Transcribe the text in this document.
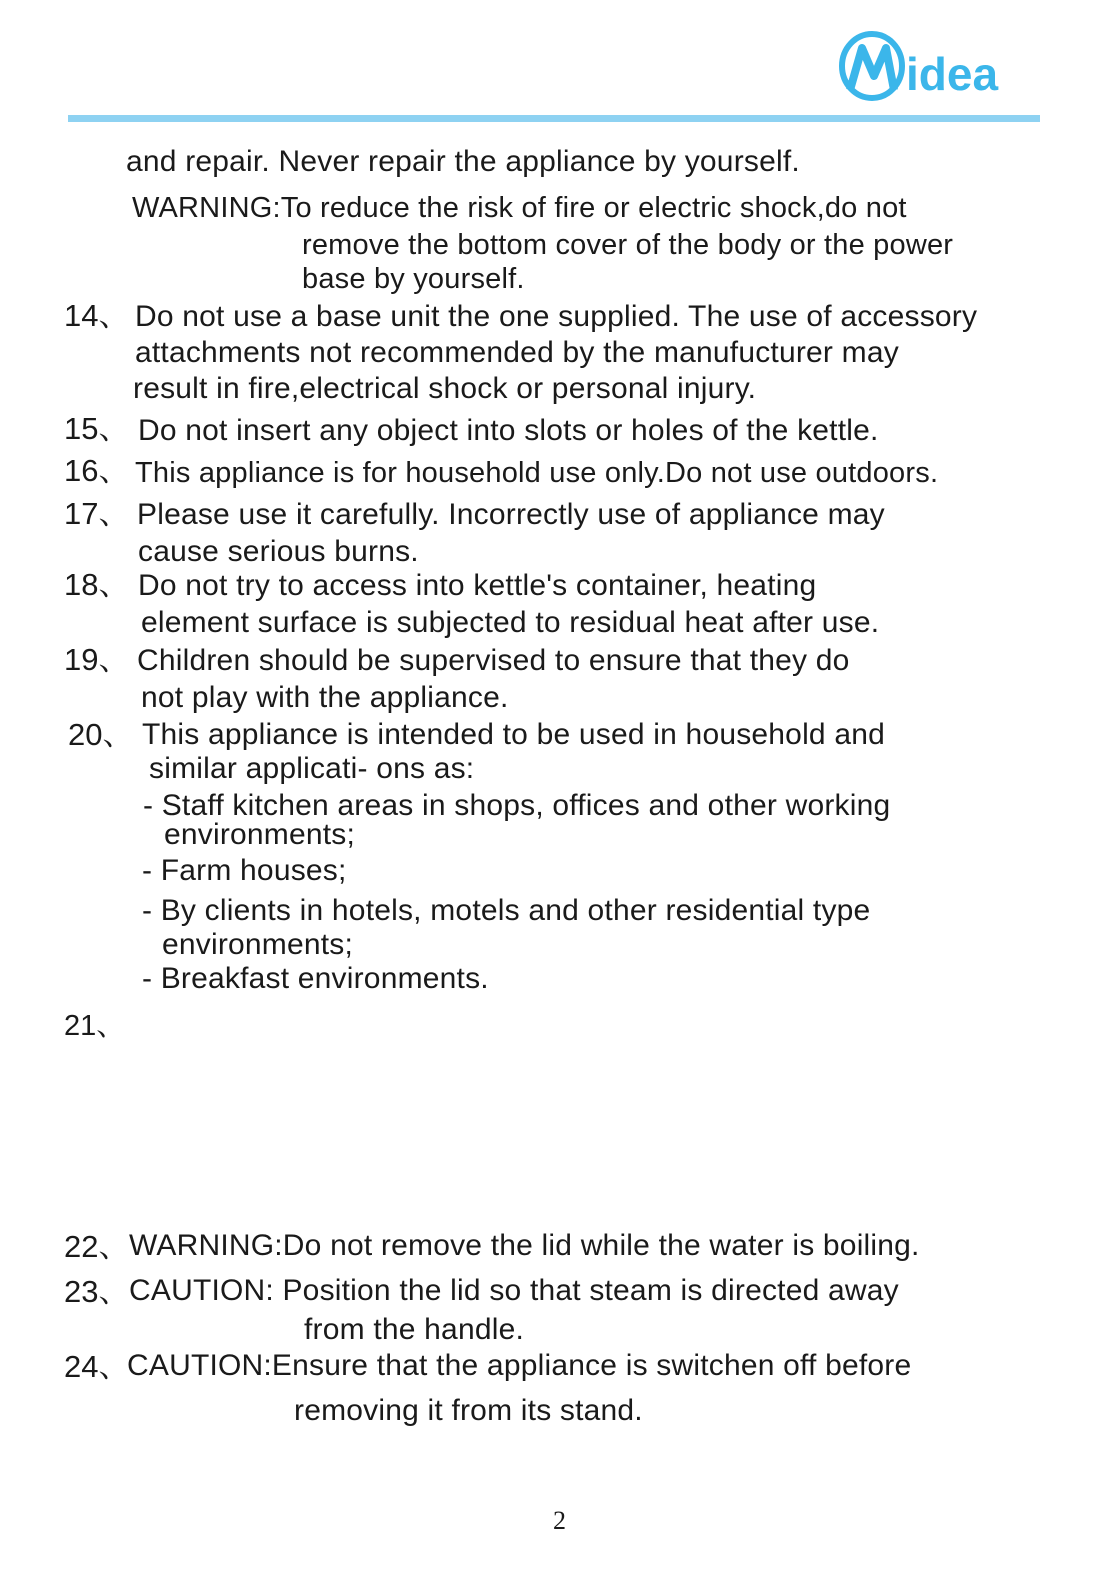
idea
Midea
and repair. Never repair the appliance by yourself.
WARNING:To reduce the risk of fire or electric shock,do not
remove the bottom cover of the body or the power
base by yourself.
14、 Do not use a base unit the one supplied. The use of accessory
attachments not recommended by the manufucturer may
result in fire,electrical shock or personal injury.
15、 Do not insert any object into slots or holes of the kettle.
16、 This appliance is for household use only.Do not use outdoors.
17、 Please use it carefully. Incorrectly use of appliance may
cause serious burns.
18、 Do not try to access into kettle's container, heating
element surface is subjected to residual heat after use.
19、 Children should be supervised to ensure that they do
not play with the appliance.
20、 This appliance is intended to be used in household and
similar applicati- ons as:
- Staff kitchen areas in shops, offices and other working
environments;
- Farm houses;
- By clients in hotels, motels and other residential type
environments;
- Breakfast environments.
21、
22、 WARNING:Do not remove the lid while the water is boiling.
23、 CAUTION: Position the lid so that steam is directed away
from the handle.
24、
CAUTION:Ensure that the appliance is switchen off before
removing it from its stand.
2
